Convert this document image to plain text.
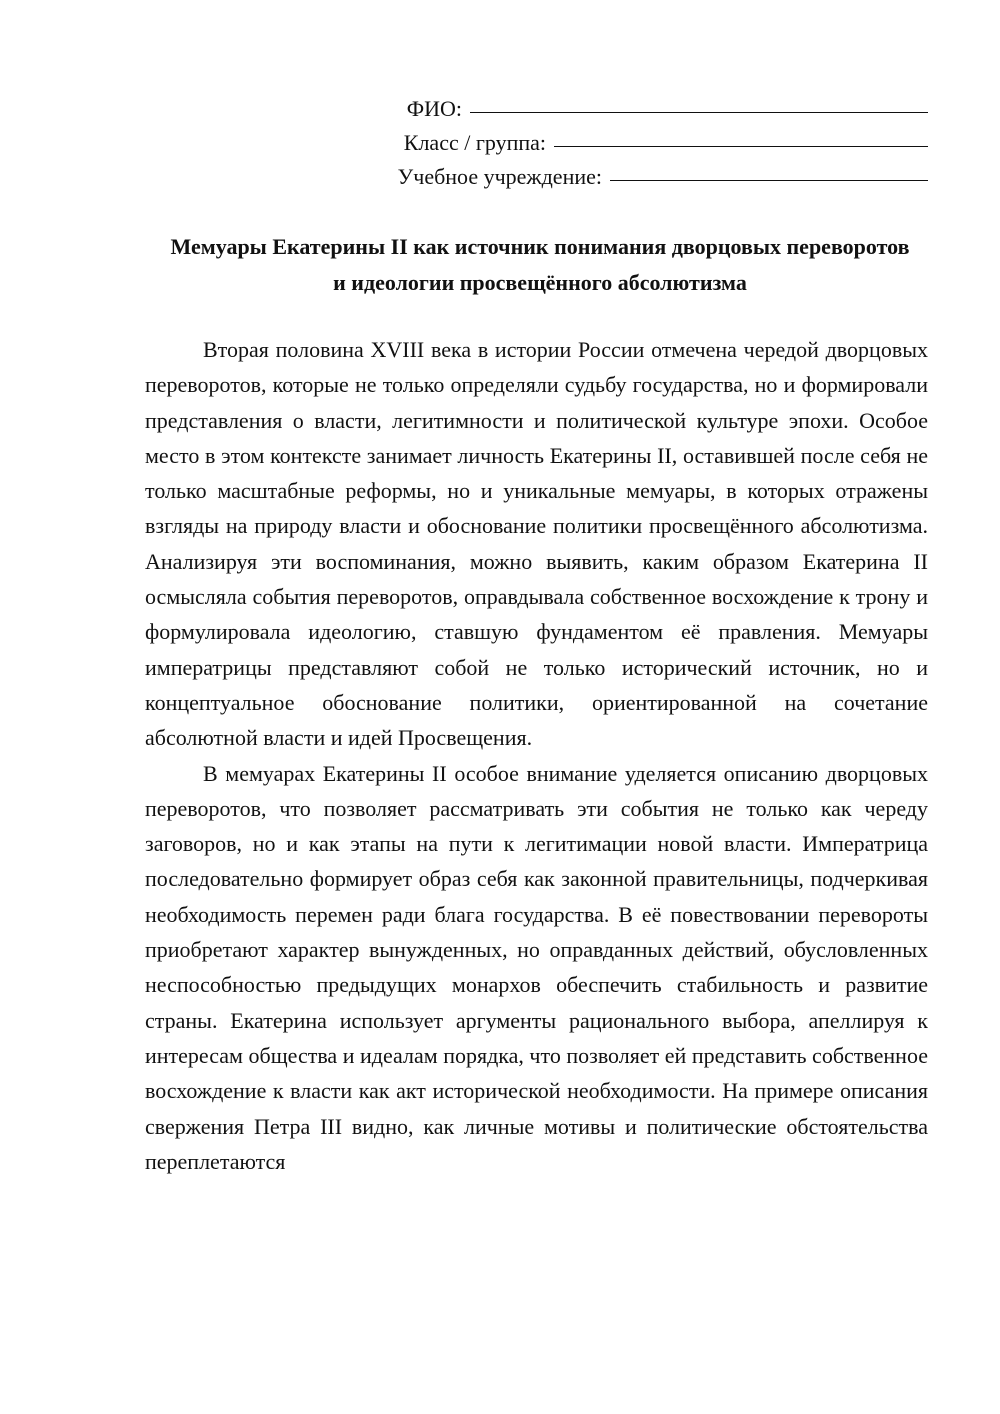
ФИО:
Класс / группа:
Учебное учреждение:
Мемуары Екатерины II как источник понимания дворцовых переворотов
и идеологии просвещённого абсолютизма

Вторая половина XVIII века в истории России отмечена чередой дворцовых переворотов, которые не только определяли судьбу государства, но и формировали представления о власти, легитимности и политической культуре эпохи. Особое место в этом контексте занимает личность Екатерины II, оставившей после себя не только масштабные реформы, но и уникальные мемуары, в которых отражены взгляды на природу власти и обоснование политики просвещённого абсолютизма. Анализируя эти воспоминания, можно выявить, каким образом Екатерина II осмысляла события переворотов, оправдывала собственное восхождение к трону и формулировала идеологию, ставшую фундаментом её правления. Мемуары императрицы представляют собой не только исторический источник, но и концептуальное обоснование политики, ориентированной на сочетание абсолютной власти и идей Просвещения.

В мемуарах Екатерины II особое внимание уделяется описанию дворцовых переворотов, что позволяет рассматривать эти события не только как череду заговоров, но и как этапы на пути к легитимации новой власти. Императрица последовательно формирует образ себя как законной правительницы, подчеркивая необходимость перемен ради блага государства. В её повествовании перевороты приобретают характер вынужденных, но оправданных действий, обусловленных неспособностью предыдущих монархов обеспечить стабильность и развитие страны. Екатерина использует аргументы рационального выбора, апеллируя к интересам общества и идеалам порядка, что позволяет ей представить собственное восхождение к власти как акт исторической необходимости. На примере описания свержения Петра III видно, как личные мотивы и политические обстоятельства переплетаются
